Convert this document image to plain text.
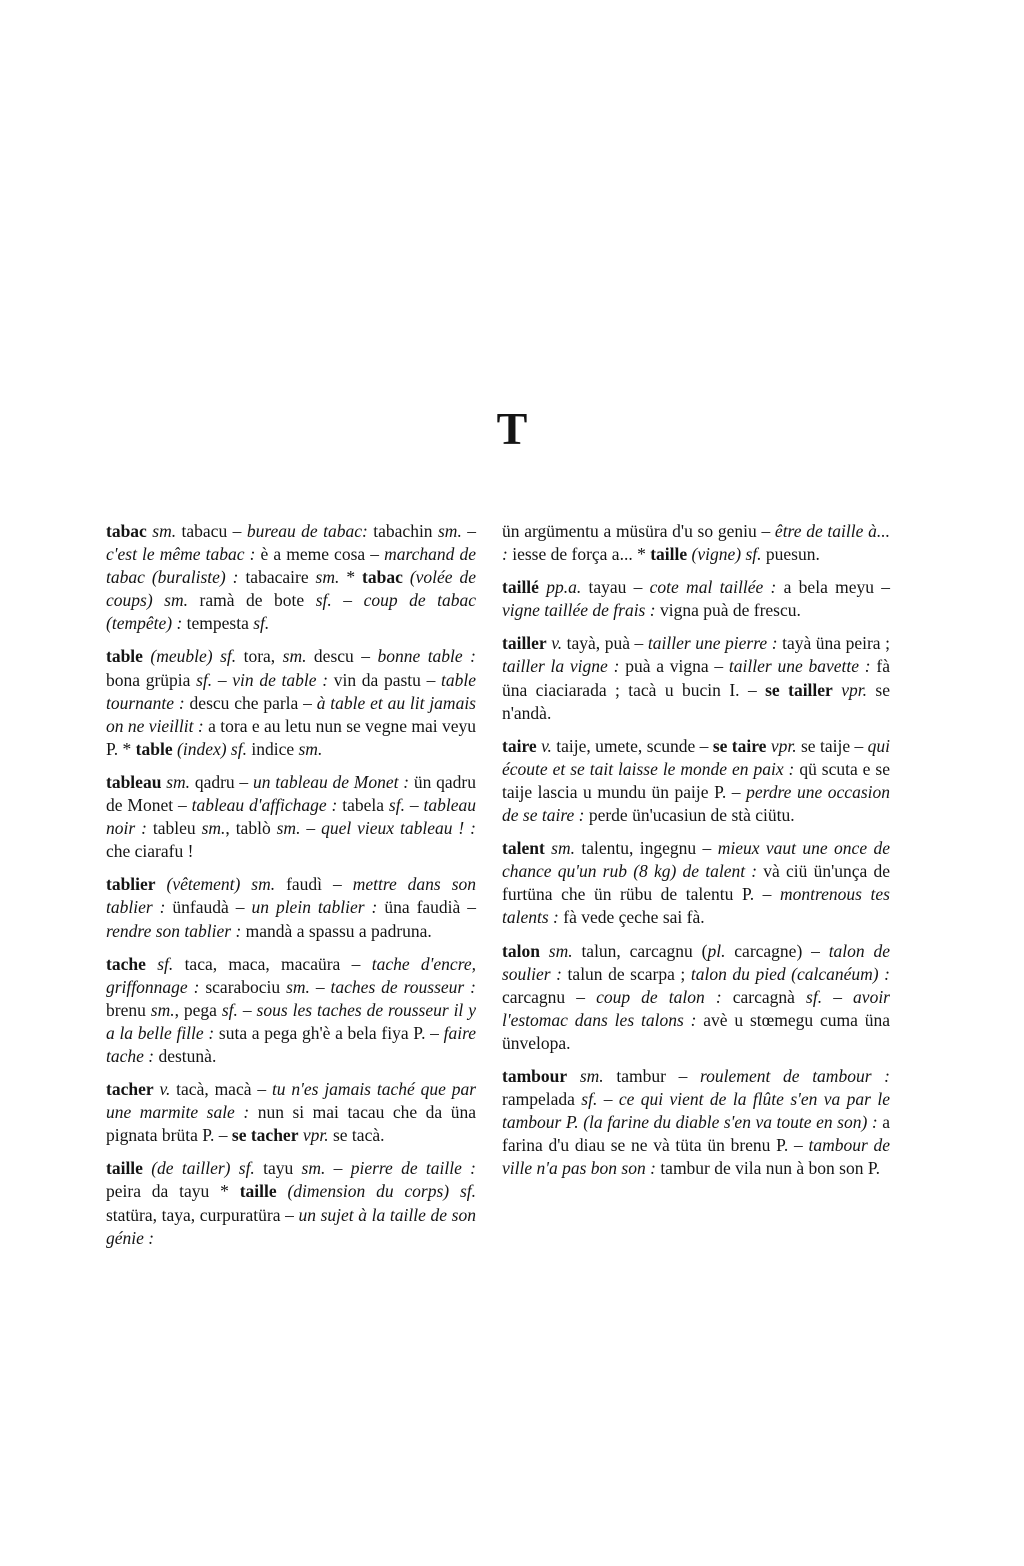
T

tabac sm. tabacu – bureau de tabac: tabachin sm. – c'est le même tabac : è a meme cosa – marchand de tabac (buraliste) : tabacaire sm. * tabac (volée de coups) sm. ramà de bote sf. – coup de tabac (tempête) : tempesta sf.

table (meuble) sf. tora, sm. descu – bonne table : bona grüpia sf. – vin de table : vin da pastu – table tournante : descu che parla – à table et au lit jamais on ne vieillit : a tora e au letu nun se vegne mai veyu P. * table (index) sf. indice sm.

tableau sm. qadru – un tableau de Monet : ün qadru de Monet – tableau d'affichage : tabela sf. – tableau noir : tableu sm., tablò sm. – quel vieux tableau ! : che ciarafu !

tablier (vêtement) sm. faudì – mettre dans son tablier : ünfaudà – un plein tablier : üna faudià – rendre son tablier : mandà a spassu a padruna.

tache sf. taca, maca, macaüra – tache d'encre, griffonnage : scarabociu sm. – taches de rousseur : brenu sm., pega sf. – sous les taches de rousseur il y a la belle fille : suta a pega gh'è a bela fiya P. – faire tache : destunà.

tacher v. tacà, macà – tu n'es jamais taché que par une marmite sale : nun si mai tacau che da üna pignata brüta P. – se tacher vpr. se tacà.

taille (de tailler) sf. tayu sm. – pierre de taille : peira da tayu * taille (dimension du corps) sf. statüra, taya, curpuratüra – un sujet à la taille de son génie :

ün argümentu a müsüra d'u so geniu – être de taille à... : iesse de força a... * taille (vigne) sf. puesun.

taillé pp.a. tayau – cote mal taillée : a bela meyu – vigne taillée de frais : vigna puà de frescu.

tailler v. tayà, puà – tailler une pierre : tayà üna peira ; tailler la vigne : puà a vigna – tailler une bavette : fà üna ciaciarada ; tacà u bucin I. – se tailler vpr. se n'andà.

taire v. taije, umete, scunde – se taire vpr. se taije – qui écoute et se tait laisse le monde en paix : qü scuta e se taije lascia u mundu ün paije P. – perdre une occasion de se taire : perde ün'ucasiun de stà ciütu.

talent sm. talentu, ingegnu – mieux vaut une once de chance qu'un rub (8 kg) de talent : và ciü ün'unça de furtüna che ün rübu de talentu P. – montrenous tes talents : fà vede çeche sai fà.

talon sm. talun, carcagnu (pl. carcagne) – talon de soulier : talun de scarpa ; talon du pied (calcanéum) : carcagnu – coup de talon : carcagnà sf. – avoir l'estomac dans les talons : avè u stœmegu cuma üna ünvelopa.

tambour sm. tambur – roulement de tambour : rampelada sf. – ce qui vient de la flûte s'en va par le tambour P. (la farine du diable s'en va toute en son) : a farina d'u diau se ne và tüta ün brenu P. – tambour de ville n'a pas bon son : tambur de vila nun à bon son P.
